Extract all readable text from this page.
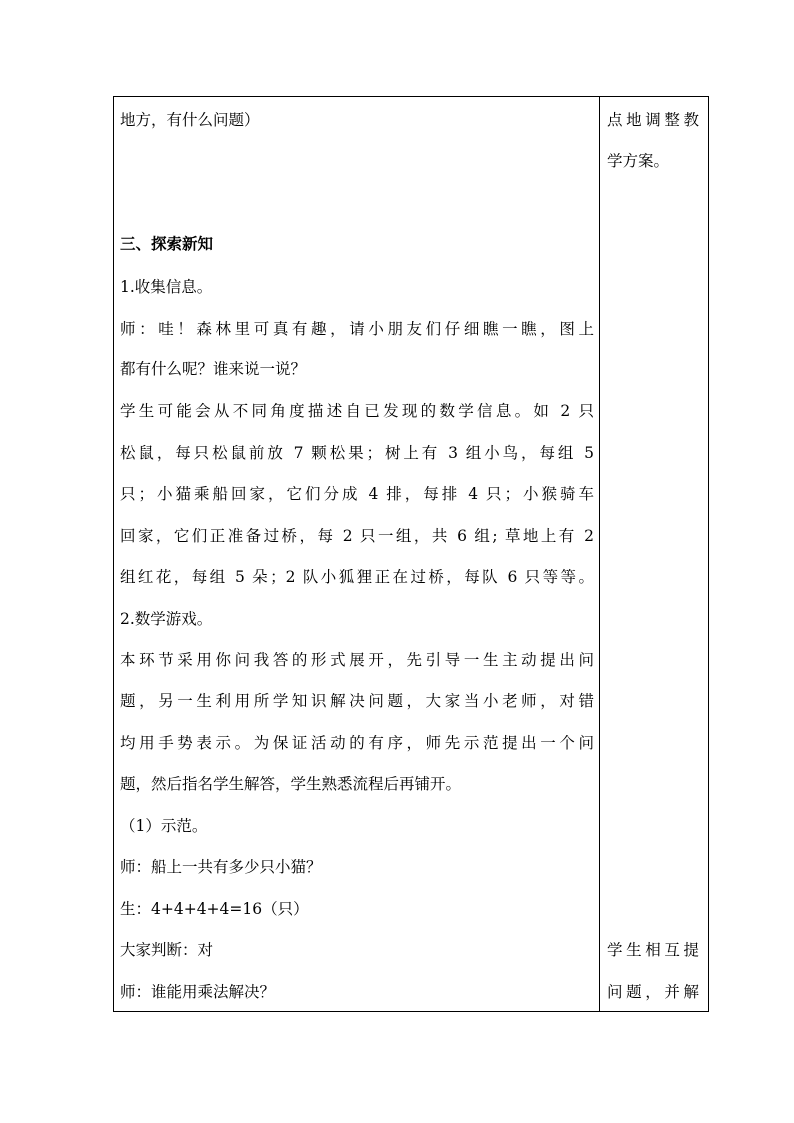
地方，有什么问题）
三、探索新知
1.收集信息。
师：哇！森林里可真有趣，请小朋友们仔细瞧一瞧，图上
都有什么呢？谁来说一说？
学生可能会从不同角度描述自已发现的数学信息。如 2 只
松鼠，每只松鼠前放 7 颗松果；树上有 3 组小鸟，每组 5
只；小猫乘船回家，它们分成 4 排，每排 4 只；小猴骑车
回家，它们正准备过桥，每 2 只一组，共 6 组; 草地上有 2
组红花，每组 5 朵；2 队小狐狸正在过桥，每队 6 只等等。
2.数学游戏。
本环节采用你问我答的形式展开，先引导一生主动提出问
题，另一生利用所学知识解决问题，大家当小老师，对错
均用手势表示。为保证活动的有序，师先示范提出一个问
题，然后指名学生解答，学生熟悉流程后再铺开。
（1）示范。
师：船上一共有多少只小猫？
生：4+4+4+4=16（只）
大家判断：对
师：谁能用乘法解决？
点地调整教
学方案。
学生相互提
问题，并解
